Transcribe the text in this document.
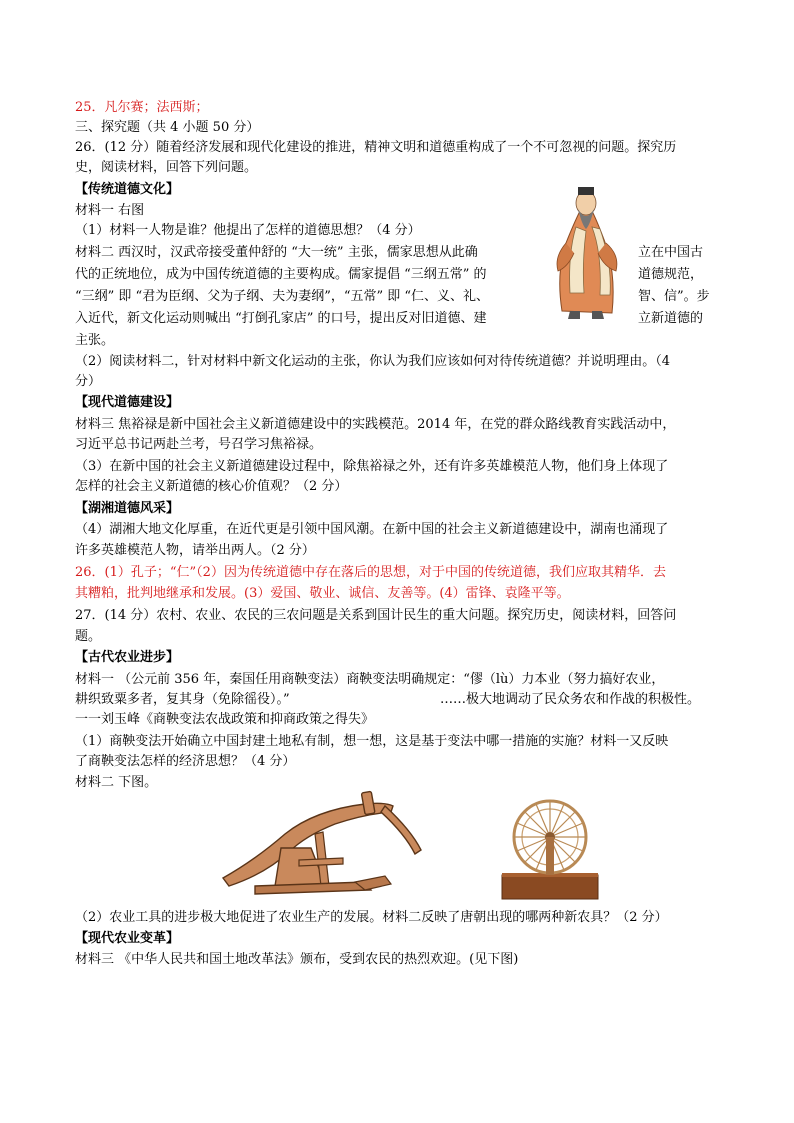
25．凡尔赛；法西斯；
三、探究题（共 4 小题 50 分）
26．(12 分）随着经济发展和现代化建设的推进，精神文明和道德重构成了一个不可忽视的问题。探究历
史，阅读材料，回答下列问题。
【传统道德文化】
材料一 右图
（1）材料一人物是谁？他提出了怎样的道德思想？（4 分）
材料二 西汉时，汉武帝接受董仲舒的 “大一统” 主张，儒家思想从此确	立在中国古
代的正统地位，成为中国传统道德的主要构成。儒家提倡 “三纲五常” 的	道德规范，
“三纲” 即 “君为臣纲、父为子纲、夫为妻纲”，“五常” 即 “仁、义、礼、	智、信”。步
入近代，新文化运动则喊出 “打倒孔家店” 的口号，提出反对旧道德、建	立新道德的
主张。
（2）阅读材料二，针对材料中新文化运动的主张，你认为我们应该如何对待传统道德？并说明理由。（4
分）
【现代道德建设】
材料三 焦裕禄是新中国社会主义新道德建设中的实践模范。2014 年，在党的群众路线教育实践活动中，
习近平总书记两赴兰考，号召学习焦裕禄。
（3）在新中国的社会主义新道德建设过程中，除焦裕禄之外，还有许多英雄模范人物，他们身上体现了
怎样的社会主义新道德的核心价值观？（2 分）
【湖湘道德风采】
（4）湖湘大地文化厚重，在近代更是引领中国风潮。在新中国的社会主义新道德建设中，湖南也涌现了
许多英雄模范人物，请举出两人。（2 分）
26．(1）孔子；“仁”（2）因为传统道德中存在落后的思想，对于中国的传统道德，我们应取其精华．去
其糟粕，批判地继承和发展。(3）爱国、敬业、诚信、友善等。(4）雷锋、袁隆平等。
27．(14 分）农村、农业、农民的三农问题是关系到国计民生的重大问题。探究历史，阅读材料，回答问
题。
【古代农业进步】
材料一 （公元前 356 年，秦国任用商鞅变法）商鞅变法明确规定：“僇（lù）力本业（努力搞好农业，
耕织致粟多者，复其身（免除徭役）。”	……极大地调动了民众务农和作战的积极性。
一一刘玉峰《商鞅变法农战政策和抑商政策之得失》
（1）商鞅变法开始确立中国封建土地私有制，想一想，这是基于变法中哪一措施的实施？材料一又反映
了商鞅变法怎样的经济思想？（4 分）
材料二 下图。
（2）农业工具的进步极大地促进了农业生产的发展。材料二反映了唐朝出现的哪两种新农具？（2 分）
【现代农业变革】
材料三 《中华人民共和国土地改革法》颁布，受到农民的热烈欢迎。(见下图)
